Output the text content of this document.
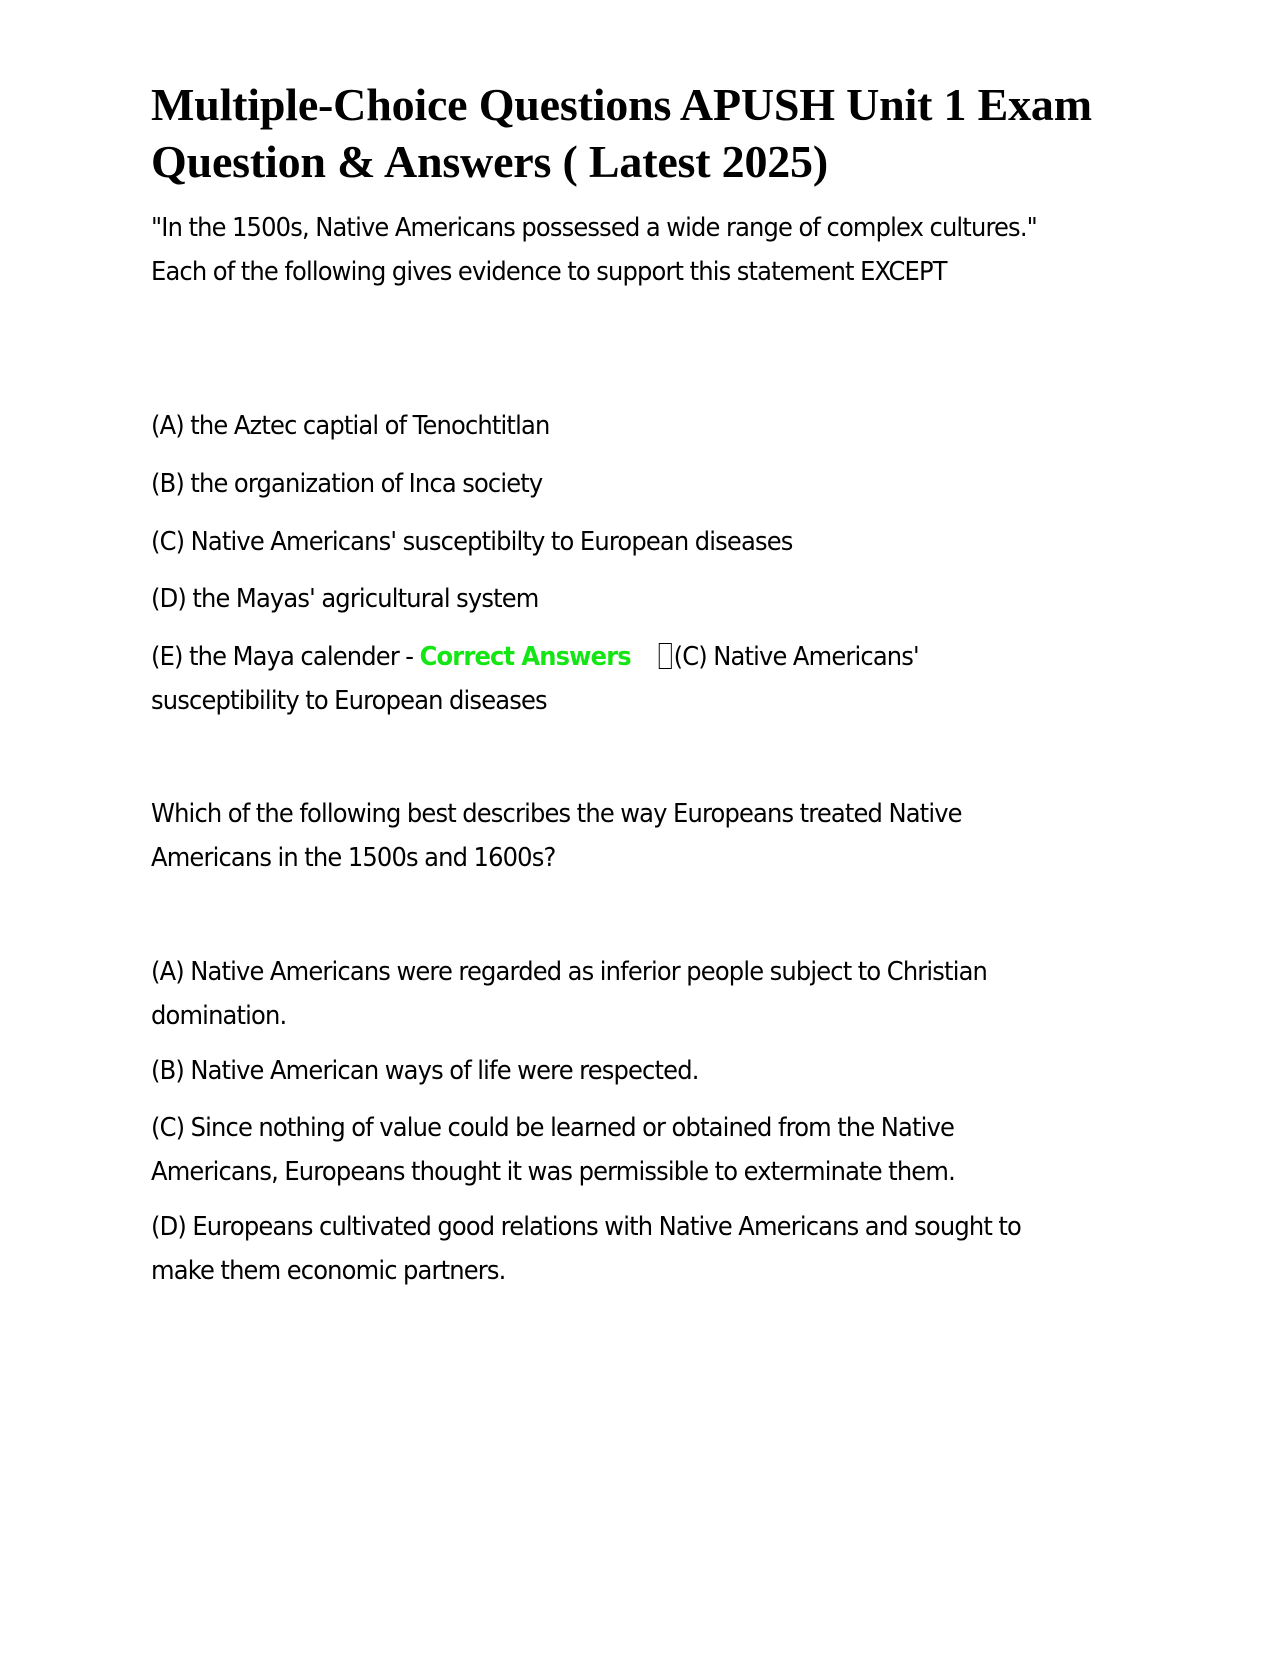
Multiple-Choice Questions APUSH Unit 1 Exam Question & Answers ( Latest 2025)

"In the 1500s, Native Americans possessed a wide range of complex cultures." Each of the following gives evidence to support this statement EXCEPT

(A) the Aztec captial of Tenochtitlan

(B) the organization of Inca society

(C) Native Americans' susceptibilty to European diseases

(D) the Mayas' agricultural system

(E) the Maya calender - Correct Answers (C) Native Americans' susceptibility to European diseases

Which of the following best describes the way Europeans treated Native Americans in the 1500s and 1600s?

(A) Native Americans were regarded as inferior people subject to Christian domination.

(B) Native American ways of life were respected.

(C) Since nothing of value could be learned or obtained from the Native Americans, Europeans thought it was permissible to exterminate them.

(D) Europeans cultivated good relations with Native Americans and sought to make them economic partners.
